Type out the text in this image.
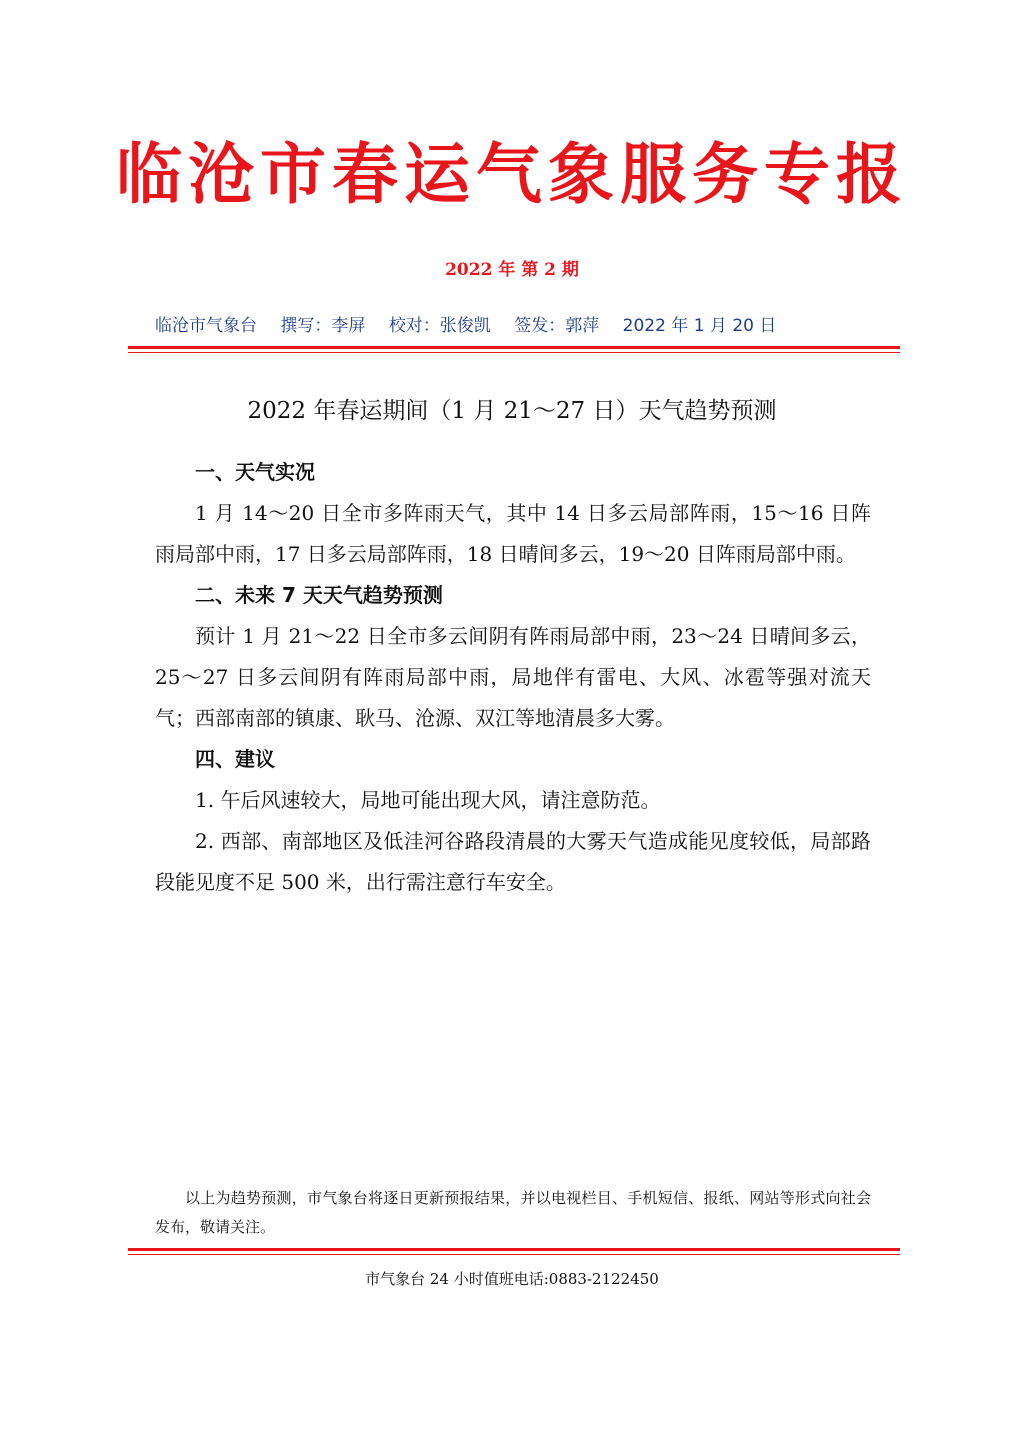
临沧市春运气象服务专报
2022 年 第 2 期
临沧市气象台 撰写：李屏 校对：张俊凯 签发：郭萍 2022 年 1 月 20 日
2022 年春运期间（1 月 21～27 日）天气趋势预测
一、天气实况

1 月 14～20 日全市多阵雨天气，其中 14 日多云局部阵雨，15～16 日阵雨局部中雨，17 日多云局部阵雨，18 日晴间多云，19～20 日阵雨局部中雨。

二、未来 7 天天气趋势预测

预计 1 月 21～22 日全市多云间阴有阵雨局部中雨，23～24 日晴间多云，25～27 日多云间阴有阵雨局部中雨，局地伴有雷电、大风、冰雹等强对流天气；西部南部的镇康、耿马、沧源、双江等地清晨多大雾。

四、建议

1. 午后风速较大，局地可能出现大风，请注意防范。

2. 西部、南部地区及低洼河谷路段清晨的大雾天气造成能见度较低，局部路段能见度不足 500 米，出行需注意行车安全。

以上为趋势预测，市气象台将逐日更新预报结果，并以电视栏目、手机短信、报纸、网站等形式向社会发布，敬请关注。
市气象台 24 小时值班电话:0883-2122450
